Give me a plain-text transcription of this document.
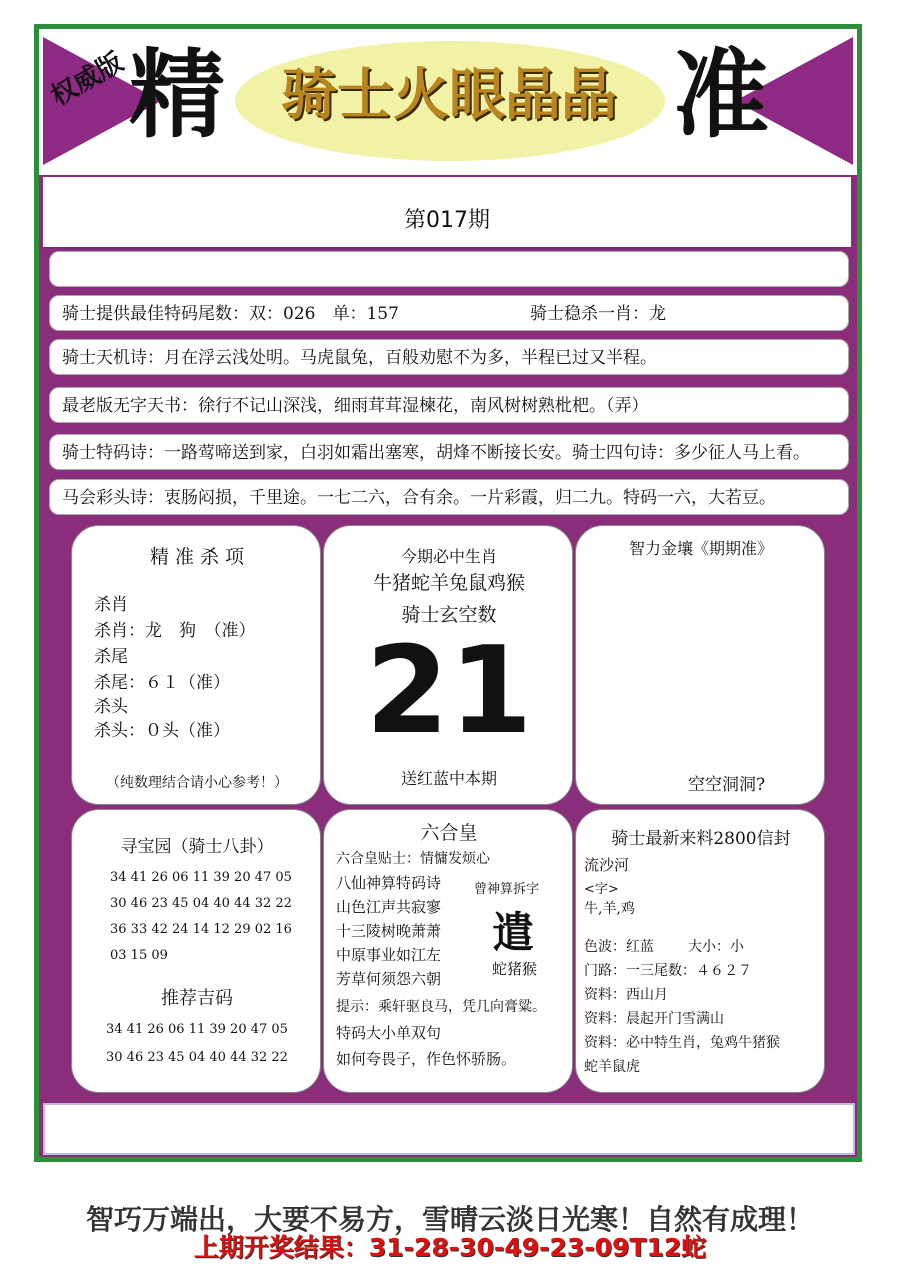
权威版 精	骑士火眼晶晶 准
第017期
骑士提供最佳特码尾数：双：026　单：157	骑士稳杀一肖：龙
骑士天机诗：月在浮云浅处明。马虎鼠兔，百般劝慰不为多，半程已过又半程。
最老版无字天书：徐行不记山深浅，细雨茸茸湿楝花，南风树树熟枇杷。（弄）
骑士特码诗：一路莺啼送到家，白羽如霜出塞寒，胡烽不断接长安。骑士四句诗：多少征人马上看。
马会彩头诗：衷肠闷损，千里途。一七二六，合有余。一片彩霞，归二九。特码一六，大若豆。
精 准 杀 项
杀肖
杀肖：龙　狗　（准）
杀尾
杀尾：６１（准）
杀头
杀头：０头（准）
（纯数理结合请小心参考！）
今期必中生肖
牛猪蛇羊兔鼠鸡猴
骑士玄空数
21
送红蓝中本期
智力金壤《期期准》
空空洞洞?
寻宝园（骑士八卦）
34 41 26 06 11 39 20 47 05
30 46 23 45 04 40 44 32 22
36 33 42 24 14 12 29 02 16
03 15 09
推荐吉码
34 41 26 06 11 39 20 47 05
30 46 23 45 04 40 44 32 22
六合皇
六合皇贴士：情慵发烦心
八仙神算特码诗
山色江声共寂寥
十三陵树晚萧萧
中原事业如江左
芳草何须怨六朝
曾神算拆字
遣
蛇猪猴
提示：乘轩驱良马，凭几向膏粱。
特码大小单双句
如何夸畏子，作色怀骄肠。
骑士最新来料2800信封
流沙河
<字>
牛,羊,鸡
色波：红蓝 大小：小
门路：一三尾数：４６２７
资料：西山月
资料：晨起开门雪满山
资料：必中特生肖，兔鸡牛猪猴
蛇羊鼠虎
智巧万端出，大要不易方，雪晴云淡日光寒！自然有成理！
上期开奖结果：31-28-30-49-23-09T12蛇
